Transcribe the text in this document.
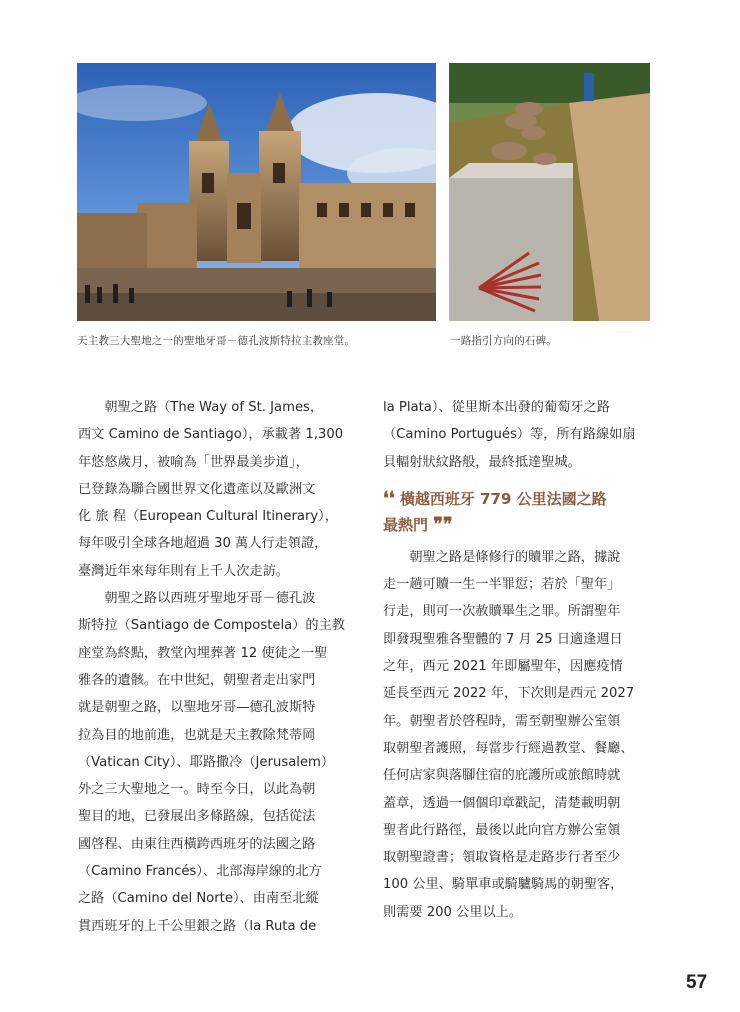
天主教三大聖地之一的聖地牙哥－德孔波斯特拉主教座堂。	一路指引方向的石碑。
　　朝聖之路（The Way of St. James，
西文 Camino de Santiago），承載著 1,300
年悠悠歲月，被喻為「世界最美步道」，
已登錄為聯合國世界文化遺產以及歐洲文
化 旅 程（European Cultural Itinerary），
每年吸引全球各地超過 30 萬人行走領證，
臺灣近年來每年則有上千人次走訪。
　　朝聖之路以西班牙聖地牙哥－德孔波
斯特拉（Santiago de Compostela）的主教
座堂為終點，教堂內埋葬著 12 使徒之一聖
雅各的遺骸。在中世紀，朝聖者走出家門
就是朝聖之路，以聖地牙哥—德孔波斯特
拉為目的地前進，也就是天主教除梵蒂岡
（Vatican City）、耶路撒冷（Jerusalem）
外之三大聖地之一。時至今日，以此為朝
聖目的地，已發展出多條路線，包括從法
國啓程、由東往西橫跨西班牙的法國之路
（Camino Francés）、北部海岸線的北方
之路（Camino del Norte）、由南至北縱
貫西班牙的上千公里銀之路（la Ruta de
la Plata）、從里斯本出發的葡萄牙之路
（Camino Portugués）等，所有路線如扇
貝輻射狀紋路般，最終抵達聖城。
❛❛ 橫越西班牙 779 公里法國之路
最熱門 ❞❞
　　朝聖之路是條修行的贖罪之路，據說
走一趟可贖一生一半罪愆；若於「聖年」
行走，則可一次赦贖畢生之罪。所謂聖年
即發現聖雅各聖體的 7 月 25 日適逢週日
之年，西元 2021 年即屬聖年，因應疫情
延長至西元 2022 年，下次則是西元 2027
年。朝聖者於啓程時，需至朝聖辦公室領
取朝聖者護照，每當步行經過教堂、餐廳、
任何店家與落腳住宿的庇護所或旅館時就
蓋章，透過一個個印章戳記，清楚載明朝
聖者此行路徑，最後以此向官方辦公室領
取朝聖證書；領取資格是走路步行者至少
100 公里、騎單車或騎驢騎馬的朝聖客，
則需要 200 公里以上。
57
